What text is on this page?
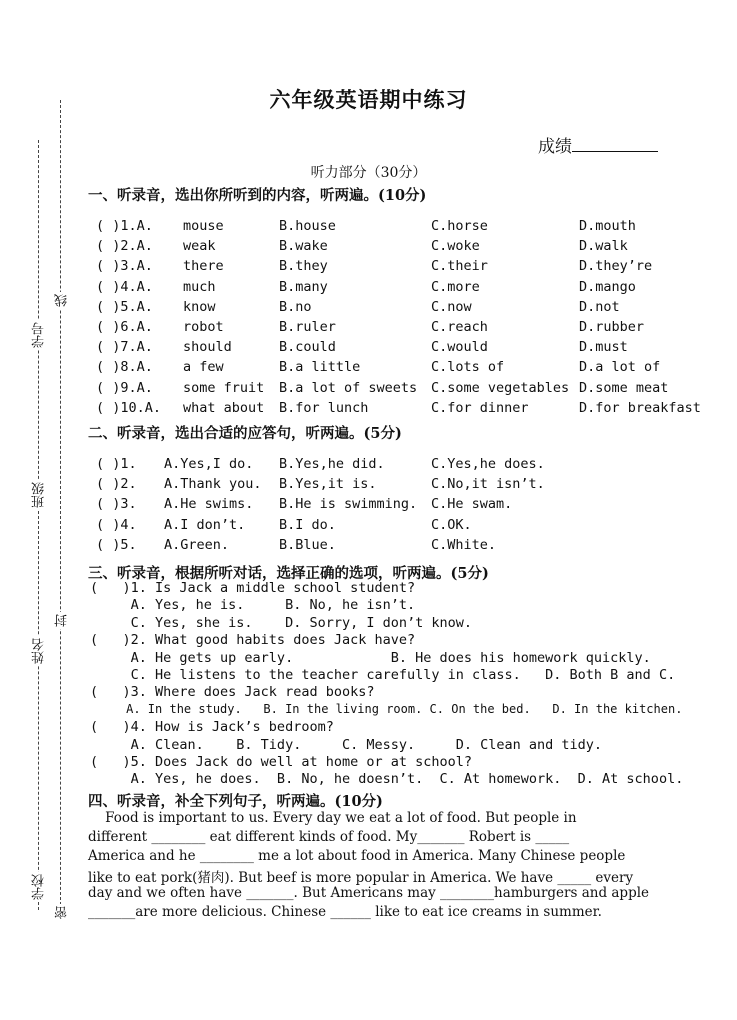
学号
线
班级
姓名
封
学校
密
六年级英语期中练习
成绩
听力部分（30分）
一、听录音，选出你所听到的内容，听两遍。(10分)
( )1.A. mouse	B.house	C.horse	D.mouth
( )2.A. weak	B.wake	C.woke	D.walk
( )3.A. there	B.they	C.their	D.they’re
( )4.A. much	B.many	C.more	D.mango
( )5.A. know	B.no	C.now	D.not
( )6.A. robot	B.ruler	C.reach	D.rubber
( )7.A. should	B.could	C.would	D.must
( )8.A. a few	B.a little	C.lots of	D.a lot of
( )9.A. some fruit B.a lot of sweets C.some vegetables D.some meat
( )10.A. what about B.for lunch	C.for dinner	D.for breakfast
二、听录音，选出合适的应答句，听两遍。(5分)
( )1. A.Yes,I do. B.Yes,he did.	C.Yes,he does.
( )2. A.Thank you. B.Yes,it is.	C.No,it isn’t.
( )3. A.He swims. B.He is swimming. C.He swam.
( )4. A.I don’t. B.I do.	C.OK.
( )5. A.Green.	B.Blue.	C.White.
三、听录音，根据所听对话，选择正确的选项，听两遍。(5分)
(   )1. Is Jack a middle school student?
A. Yes, he is.     B. No, he isn’t.
C. Yes, she is.    D. Sorry, I don’t know.
(   )2. What good habits does Jack have?
A. He gets up early.            B. He does his homework quickly.
C. He listens to the teacher carefully in class.   D. Both B and C.
(   )3. Where does Jack read books?
A. In the study.   B. In the living room. C. On the bed.   D. In the kitchen.
(   )4. How is Jack’s bedroom?
A. Clean.    B. Tidy.     C. Messy.     D. Clean and tidy.
(   )5. Does Jack do well at home or at school?
A. Yes, he does.  B. No, he doesn’t.  C. At homework.  D. At school.
四、听录音，补全下列句子，听两遍。(10分)
Food is important to us. Every day we eat a lot of food. But people in
different ________ eat different kinds of food. My_______ Robert is _____
America and he ________ me a lot about food in America. Many Chinese people
like to eat pork(猪肉). But beef is more popular in America. We have _____ every
day and we often have _______. But Americans may ________hamburgers and apple
_______are more delicious. Chinese ______ like to eat ice creams in summer.
